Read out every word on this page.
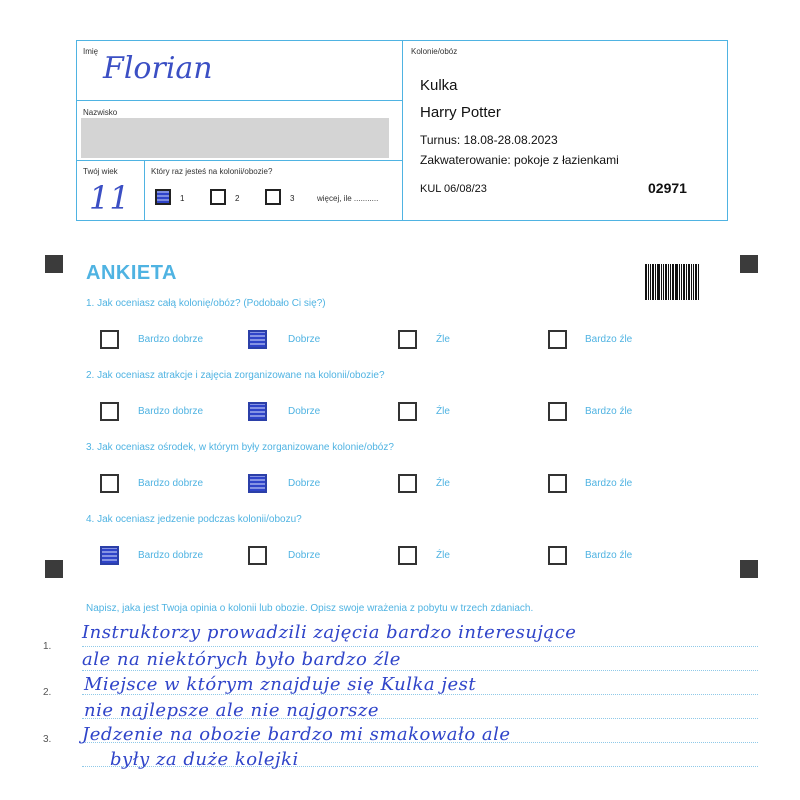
Imię Florian
Nazwisko
Twój wiek
11
Który raz jesteś na kolonii/obozie?
1	2	3	więcej, ile ...........
Kolonie/obóz
Kulka
Harry Potter
Turnus: 18.08-28.08.2023
Zakwaterowanie: pokoje z łazienkami
KUL 06/08/23	02971
ANKIETA
1. Jak oceniasz całą kolonię/obóz? (Podobało Ci się?)
Bardzo dobrze	Dobrze	Źle	Bardzo źle
2. Jak oceniasz atrakcje i zajęcia zorganizowane na kolonii/obozie?
Bardzo dobrze	Dobrze	Źle	Bardzo źle
3. Jak oceniasz ośrodek, w którym były zorganizowane kolonie/obóz?
Bardzo dobrze	Dobrze	Źle	Bardzo źle
4. Jak oceniasz jedzenie podczas kolonii/obozu?
Bardzo dobrze	Dobrze	Źle	Bardzo źle
Napisz, jaka jest Twoja opinia o kolonii lub obozie. Opisz swoje wrażenia z pobytu w trzech zdaniach.
1.
2.
3.
Instruktorzy prowadzili zajęcia bardzo interesujące
ale na niektórych było bardzo źle
Miejsce w którym znajduje się Kulka jest
nie najlepsze ale nie najgorsze
Jedzenie na obozie bardzo mi smakowało ale
były za duże kolejki
